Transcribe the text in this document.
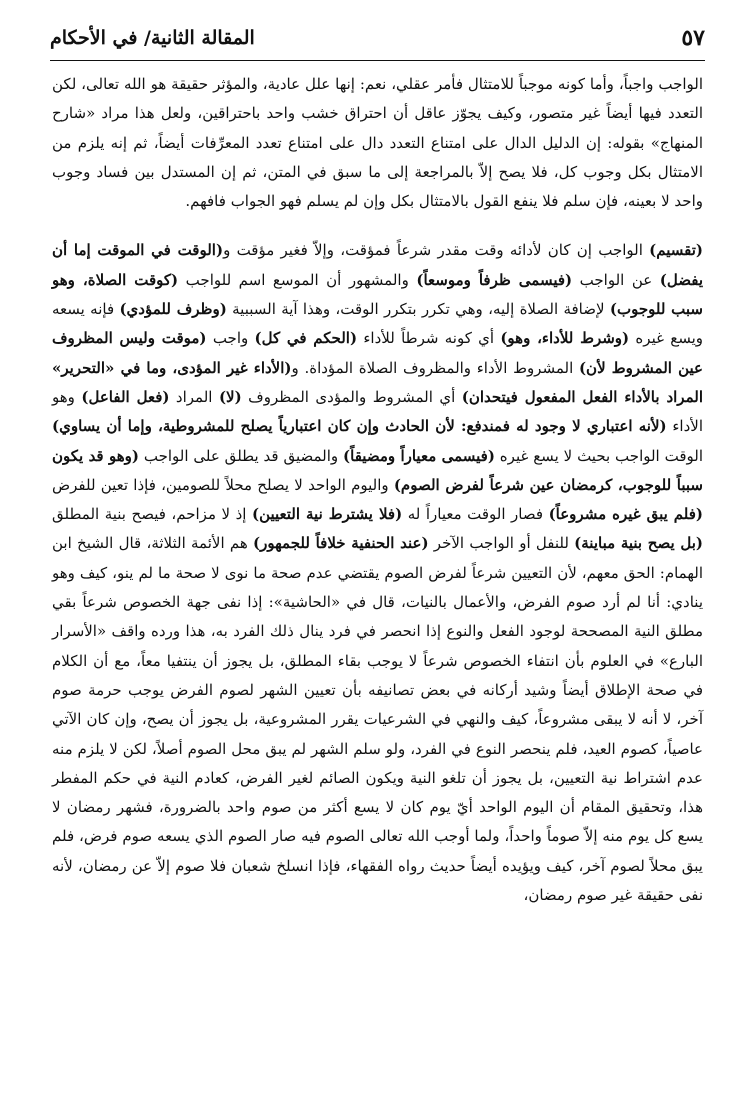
المقالة الثانية/ في الأحكام	٥٧

الواجب واجباً، وأما كونه موجباً للامتثال فأمر عقلي، نعم: إنها علل عادية، والمؤثر حقيقة هو الله تعالى، لكن التعدد فيها أيضاً غير متصور، وكيف يجوّز عاقل أن احتراق خشب واحد باحتراقين، ولعل هذا مراد «شارح المنهاج» بقوله: إن الدليل الدال على امتناع التعدد دال على امتناع تعدد المعرِّفات أيضاً، ثم إنه يلزم من الامتثال بكل وجوب كل، فلا يصح إلاّ بالمراجعة إلى ما سبق في المتن، ثم إن المستدل بين فساد وجوب واحد لا بعينه، فإن سلم فلا ينفع القول بالامتثال بكل وإن لم يسلم فهو الجواب فافهم.

(تقسيم) الواجب إن كان لأدائه وقت مقدر شرعاً فمؤقت، وإلاّ فغير مؤقت و(الوقت في الموقت إما أن يفضل) عن الواجب (فيسمى ظرفاً وموسعاً) والمشهور أن الموسع اسم للواجب (كوقت الصلاة، وهو سبب للوجوب) لإضافة الصلاة إليه، وهي تكرر بتكرر الوقت، وهذا آية السببية (وظرف للمؤدي) فإنه يسعه ويسع غيره (وشرط للأداء، وهو) أي كونه شرطاً للأداء (الحكم في كل) واجب (موقت وليس المظروف عين المشروط لأن) المشروط الأداء والمظروف الصلاة المؤداة. و(الأداء غير المؤدى، وما في «التحرير» المراد بالأداء الفعل المفعول فيتحدان) أي المشروط والمؤدى المظروف (لا) المراد (فعل الفاعل) وهو الأداء (لأنه اعتباري لا وجود له فمندفع: لأن الحادث وإن كان اعتبارياً يصلح للمشروطية، وإما أن يساوي) الوقت الواجب بحيث لا يسع غيره (فيسمى معياراً ومضيقاً) والمضيق قد يطلق على الواجب (وهو قد يكون سبباً للوجوب، كرمضان عين شرعاً لفرض الصوم) واليوم الواحد لا يصلح محلاً للصومين، فإذا تعين للفرض (فلم يبق غيره مشروعاً) فصار الوقت معياراً له (فلا يشترط نية التعيين) إذ لا مزاحم، فيصح بنية المطلق (بل يصح بنية مباينة) للنفل أو الواجب الآخر (عند الحنفية خلافاً للجمهور) هم الأئمة الثلاثة، قال الشيخ ابن الهمام: الحق معهم، لأن التعيين شرعاً لفرض الصوم يقتضي عدم صحة ما نوى لا صحة ما لم ينو، كيف وهو ينادي: أنا لم أرد صوم الفرض، والأعمال بالنيات، قال في «الحاشية»: إذا نفى جهة الخصوص شرعاً بقي مطلق النية المصححة لوجود الفعل والنوع إذا انحصر في فرد ينال ذلك الفرد به، هذا ورده واقف «الأسرار البارع» في العلوم بأن انتفاء الخصوص شرعاً لا يوجب بقاء المطلق، بل يجوز أن ينتفيا معاً، مع أن الكلام في صحة الإطلاق أيضاً وشيد أركانه في بعض تصانيفه بأن تعيين الشهر لصوم الفرض يوجب حرمة صوم آخر، لا أنه لا يبقى مشروعاً، كيف والنهي في الشرعيات يقرر المشروعية، بل يجوز أن يصح، وإن كان الآتي عاصياً، كصوم العيد، فلم ينحصر النوع في الفرد، ولو سلم الشهر لم يبق محل الصوم أصلاً، لكن لا يلزم منه عدم اشتراط نية التعيين، بل يجوز أن تلغو النية ويكون الصائم لغير الفرض، كعادم النية في حكم المفطر هذا، وتحقيق المقام أن اليوم الواحد أيّ يوم كان لا يسع أكثر من صوم واحد بالضرورة، فشهر رمضان لا يسع كل يوم منه إلاّ صوماً واحداً، ولما أوجب الله تعالى الصوم فيه صار الصوم الذي يسعه صوم فرض، فلم يبق محلاً لصوم آخر، كيف ويؤيده أيضاً حديث رواه الفقهاء، فإذا انسلخ شعبان فلا صوم إلاّ عن رمضان، لأنه نفى حقيقة غير صوم رمضان،
